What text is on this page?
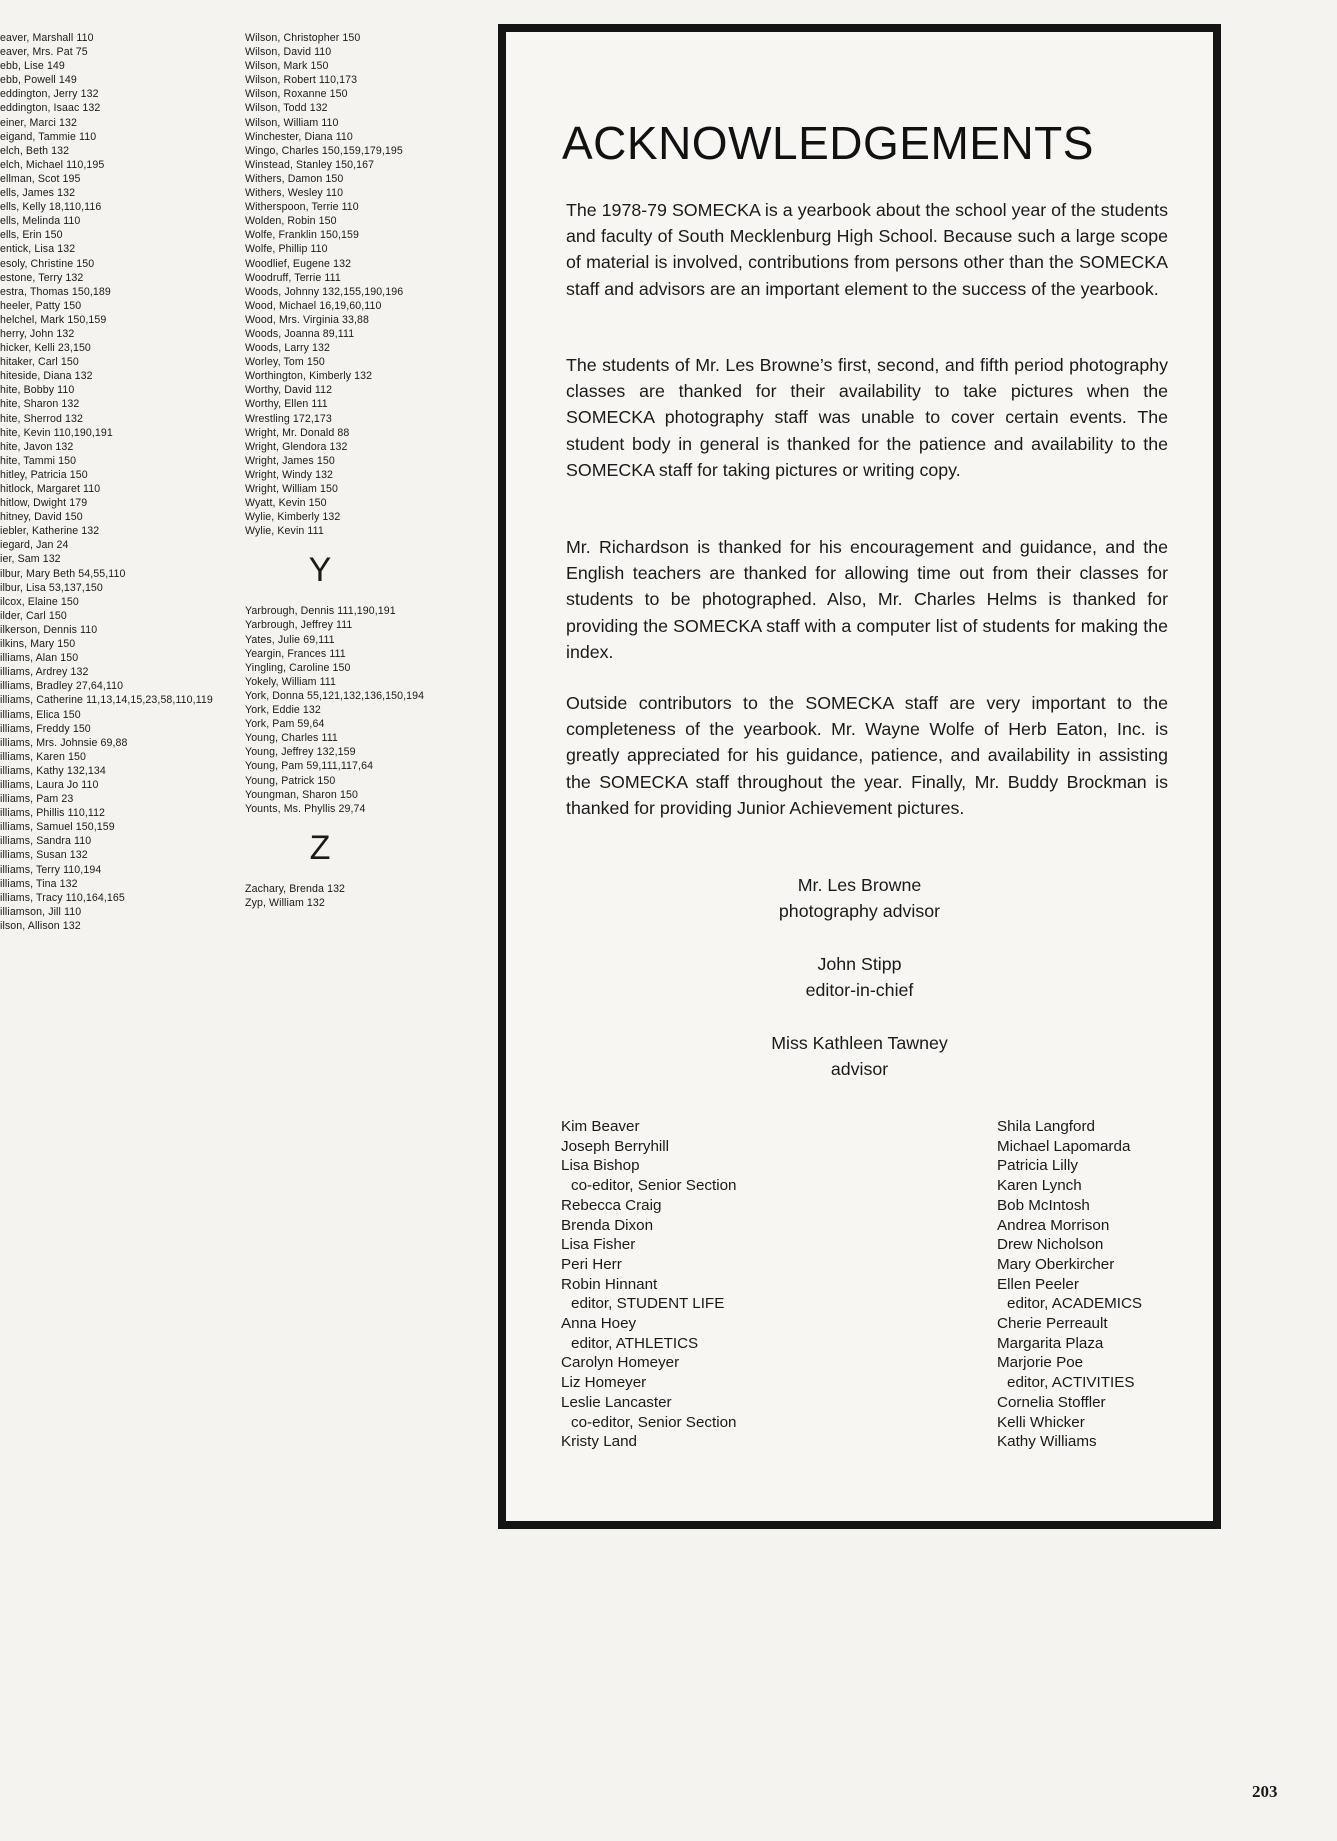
eaver, Marshall 110
eaver, Mrs. Pat 75
ebb, Lise 149
ebb, Powell 149
eddington, Jerry 132
eddington, Isaac 132
einer, Marci 132
eigand, Tammie 110
elch, Beth 132
elch, Michael 110,195
ellman, Scot 195
ells, James 132
ells, Kelly 18,110,116
ells, Melinda 110
ells, Erin 150
entick, Lisa 132
esoly, Christine 150
estone, Terry 132
estra, Thomas 150,189
heeler, Patty 150
helchel, Mark 150,159
herry, John 132
hicker, Kelli 23,150
hitaker, Carl 150
hiteside, Diana 132
hite, Bobby 110
hite, Sharon 132
hite, Sherrod 132
hite, Kevin 110,190,191
hite, Javon 132
hite, Tammi 150
hitley, Patricia 150
hitlock, Margaret 110
hitlow, Dwight 179
hitney, David 150
iebler, Katherine 132
iegard, Jan 24
ier, Sam 132
ilbur, Mary Beth 54,55,110
ilbur, Lisa 53,137,150
ilcox, Elaine 150
ilder, Carl 150
ilkerson, Dennis 110
ilkins, Mary 150
illiams, Alan 150
illiams, Ardrey 132
illiams, Bradley 27,64,110
illiams, Catherine 11,13,14,15,23,58,110,119
illiams, Elica 150
illiams, Freddy 150
illiams, Mrs. Johnsie 69,88
illiams, Karen 150
illiams, Kathy 132,134
illiams, Laura Jo 110
illiams, Pam 23
illiams, Phillis 110,112
illiams, Samuel 150,159
illiams, Sandra 110
illiams, Susan 132
illiams, Terry 110,194
illiams, Tina 132
illiams, Tracy 110,164,165
illiamson, Jill 110
ilson, Allison 132
Wilson, Christopher 150
Wilson, David 110
Wilson, Mark 150
Wilson, Robert 110,173
Wilson, Roxanne 150
Wilson, Todd 132
Wilson, William 110
Winchester, Diana 110
Wingo, Charles 150,159,179,195
Winstead, Stanley 150,167
Withers, Damon 150
Withers, Wesley 110
Witherspoon, Terrie 110
Wolden, Robin 150
Wolfe, Franklin 150,159
Wolfe, Phillip 110
Woodlief, Eugene 132
Woodruff, Terrie 111
Woods, Johnny 132,155,190,196
Wood, Michael 16,19,60,110
Wood, Mrs. Virginia 33,88
Woods, Joanna 89,111
Woods, Larry 132
Worley, Tom 150
Worthington, Kimberly 132
Worthy, David 112
Worthy, Ellen 111
Wrestling 172,173
Wright, Mr. Donald 88
Wright, Glendora 132
Wright, James 150
Wright, Windy 132
Wright, William 150
Wyatt, Kevin 150
Wylie, Kimberly 132
Wylie, Kevin 111
Y
Yarbrough, Dennis 111,190,191
Yarbrough, Jeffrey 111
Yates, Julie 69,111
Yeargin, Frances 111
Yingling, Caroline 150
Yokely, William 111
York, Donna 55,121,132,136,150,194
York, Eddie 132
York, Pam 59,64
Young, Charles 111
Young, Jeffrey 132,159
Young, Pam 59,111,117,64
Young, Patrick 150
Youngman, Sharon 150
Younts, Ms. Phyllis 29,74
Z
Zachary, Brenda 132
Zyp, William 132
ACKNOWLEDGEMENTS

The 1978-79 SOMECKA is a yearbook about the school year of the students and faculty of South Mecklenburg High School. Because such a large scope of material is involved, contributions from persons other than the SOMECKA staff and advisors are an important element to the success of the yearbook.

The students of Mr. Les Browne’s first, second, and fifth period photography classes are thanked for their availability to take pictures when the SOMECKA photography staff was unable to cover certain events. The student body in general is thanked for the patience and availability to the SOMECKA staff for taking pictures or writing copy.

Mr. Richardson is thanked for his encouragement and guidance, and the English teachers are thanked for allowing time out from their classes for students to be photographed. Also, Mr. Charles Helms is thanked for providing the SOMECKA staff with a computer list of students for making the index.

Outside contributors to the SOMECKA staff are very important to the completeness of the yearbook. Mr. Wayne Wolfe of Herb Eaton, Inc. is greatly appreciated for his guidance, patience, and availability in assisting the SOMECKA staff throughout the year. Finally, Mr. Buddy Brockman is thanked for providing Junior Achievement pictures.

Mr. Les Browne
photography advisor
John Stipp
editor-in-chief
Miss Kathleen Tawney
advisor
Kim Beaver
Joseph Berryhill
Lisa Bishop
co-editor, Senior Section
Rebecca Craig
Brenda Dixon
Lisa Fisher
Peri Herr
Robin Hinnant
editor, STUDENT LIFE
Anna Hoey
editor, ATHLETICS
Carolyn Homeyer
Liz Homeyer
Leslie Lancaster
co-editor, Senior Section
Kristy Land
Shila Langford
Michael Lapomarda
Patricia Lilly
Karen Lynch
Bob McIntosh
Andrea Morrison
Drew Nicholson
Mary Oberkircher
Ellen Peeler
editor, ACADEMICS
Cherie Perreault
Margarita Plaza
Marjorie Poe
editor, ACTIVITIES
Cornelia Stoffler
Kelli Whicker
Kathy Williams
203
